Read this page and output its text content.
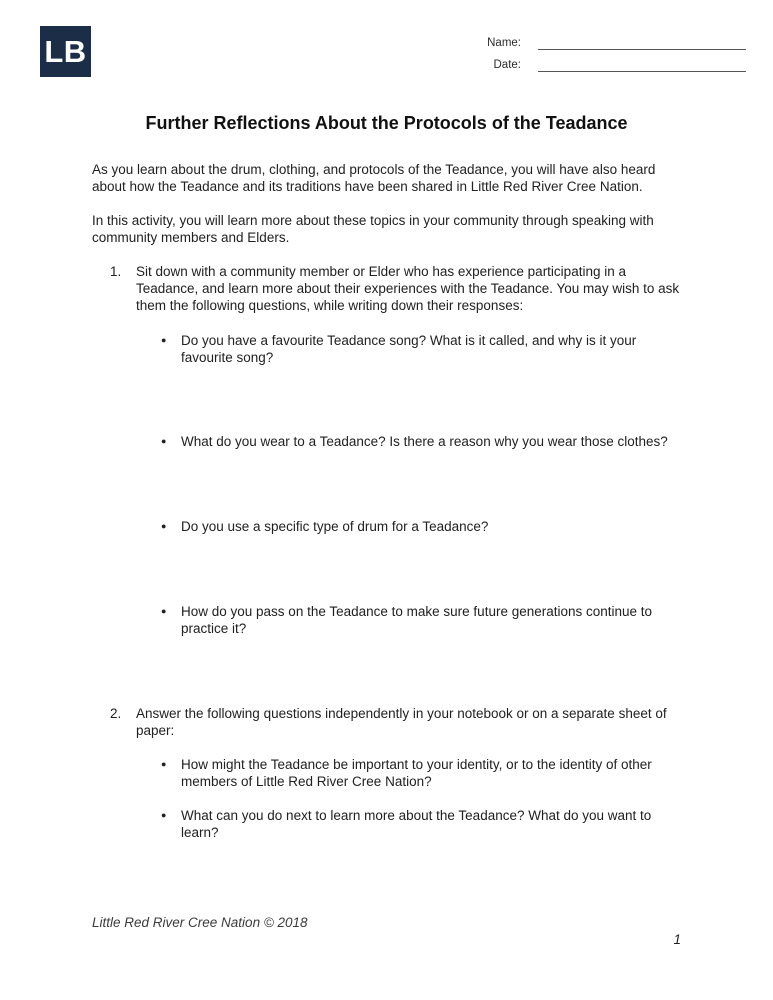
LB	Name:
Date:
Further Reflections About the Protocols of the Teadance

As you learn about the drum, clothing, and protocols of the Teadance, you will have also heard about how the Teadance and its traditions have been shared in Little Red River Cree Nation.

In this activity, you will learn more about these topics in your community through speaking with community members and Elders.

1.	Sit down with a community member or Elder who has experience participating in a Teadance, and learn more about their experiences with the Teadance. You may wish to ask them the following questions, while writing down their responses:
●
Do you have a favourite Teadance song? What is it called, and why is it your favourite song?
●
What do you wear to a Teadance? Is there a reason why you wear those clothes?
●
Do you use a specific type of drum for a Teadance?
●
How do you pass on the Teadance to make sure future generations continue to practice it?
2.	Answer the following questions independently in your notebook or on a separate sheet of paper:
●
How might the Teadance be important to your identity, or to the identity of other members of Little Red River Cree Nation?
●
What can you do next to learn more about the Teadance? What do you want to learn?
Little Red River Cree Nation © 2018
1
